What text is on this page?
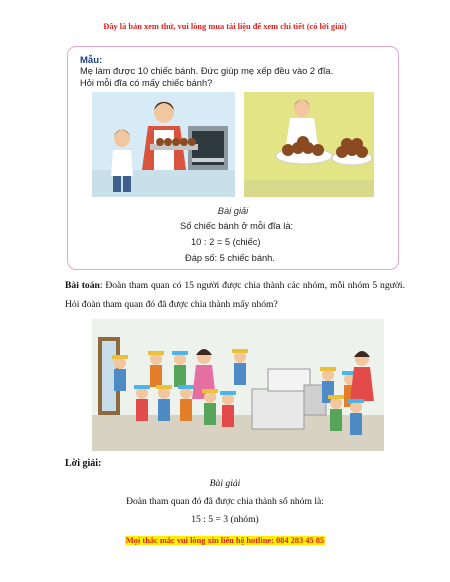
Đây là bản xem thử, vui lòng mua tài liệu để xem chi tiết (có lời giải)
Mẫu:
Mẹ làm được 10 chiếc bánh. Đức giúp mẹ xếp đều vào 2 đĩa.
Hỏi mỗi đĩa có mấy chiếc bánh?
Bài giải
Số chiếc bánh ở mỗi đĩa là:
10 : 2 = 5 (chiếc)
Đáp số: 5 chiếc bánh.
Bài toán: Đoàn tham quan có 15 người được chia thành các nhóm, mỗi nhóm 5 người. Hỏi đoàn tham quan đó đã được chia thành mấy nhóm?
Lời giải:
Bài giải
Đoàn tham quan đó đã được chia thành số nhóm là:
15 : 5 = 3 (nhóm)
Mọi thắc mắc vui lòng xin liên hệ hotline: 084 283 45 85
